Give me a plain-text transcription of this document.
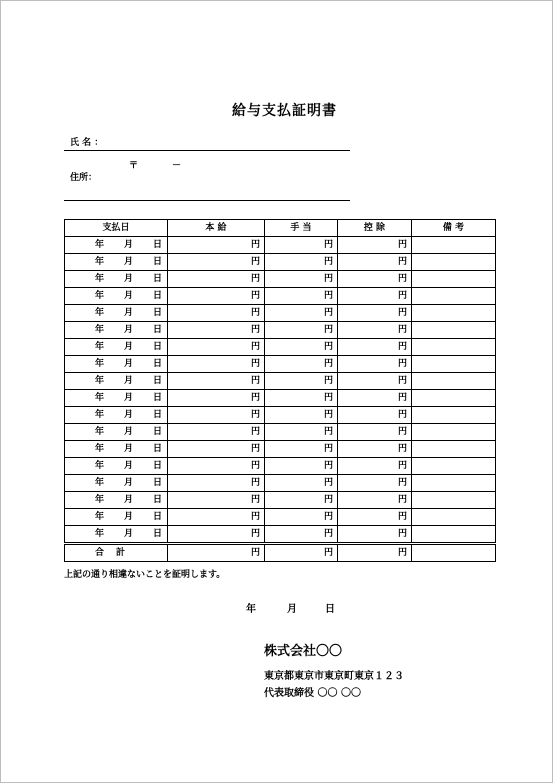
給与支払証明書
氏 名 ：
〒	－
住所：
支払日	本 給	手 当	控 除	備 考

年 月 日	円	円	円	

年 月 日	円	円	円	

年 月 日	円	円	円	

年 月 日	円	円	円	

年 月 日	円	円	円	

年 月 日	円	円	円	

年 月 日	円	円	円	

年 月 日	円	円	円	

年 月 日	円	円	円	

年 月 日	円	円	円	

年 月 日	円	円	円	

年 月 日	円	円	円	

年 月 日	円	円	円	

年 月 日	円	円	円	

年 月 日	円	円	円	

年 月 日	円	円	円	

年 月 日	円	円	円	

年 月 日	円	円	円	
合計	円	円	円	
上記の通り相違ないことを証明します。
年	月	日
株式会社〇〇
東京都東京市東京町東京１２３
代表取締役 〇〇 〇〇
